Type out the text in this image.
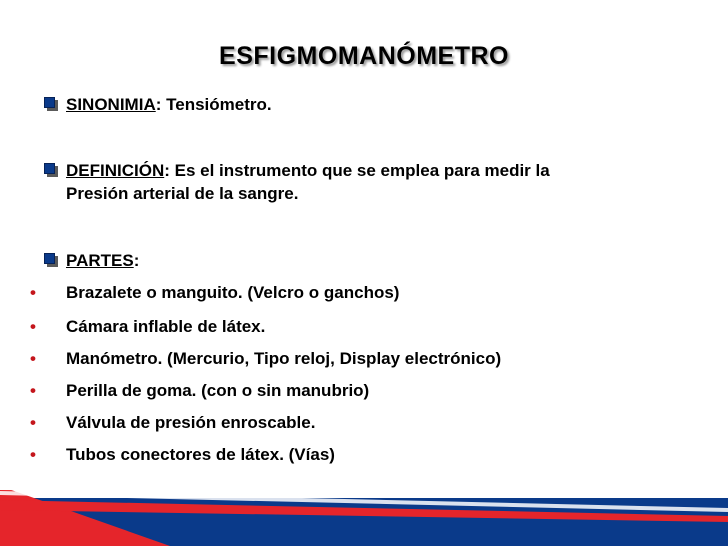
ESFIGMOMANÓMETRO
SINONIMIA: Tensiómetro.
DEFINICIÓN: Es el instrumento que se emplea para medir la
Presión arterial de la sangre.
PARTES:
• Brazalete o manguito. (Velcro o ganchos)
• Cámara inflable de látex.
• Manómetro. (Mercurio, Tipo reloj, Display electrónico)
• Perilla de goma. (con o sin manubrio)
• Válvula de presión enroscable.
• Tubos conectores de látex. (Vías)
